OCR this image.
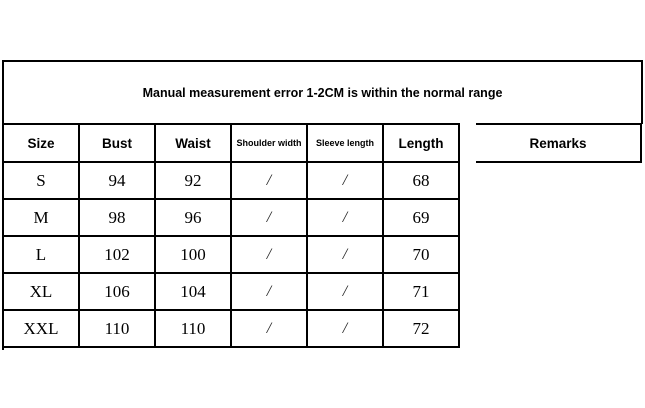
Manual measurement error 1-2CM is within the normal range
Size	Bust	Waist	Shoulder width	Sleeve length	Length		Remarks
S	94	92	/	/	68		
M	98	96	/	/	69		
L	102	100	/	/	70		
XL	106	104	/	/	71		
XXL	110	110	/	/	72		
